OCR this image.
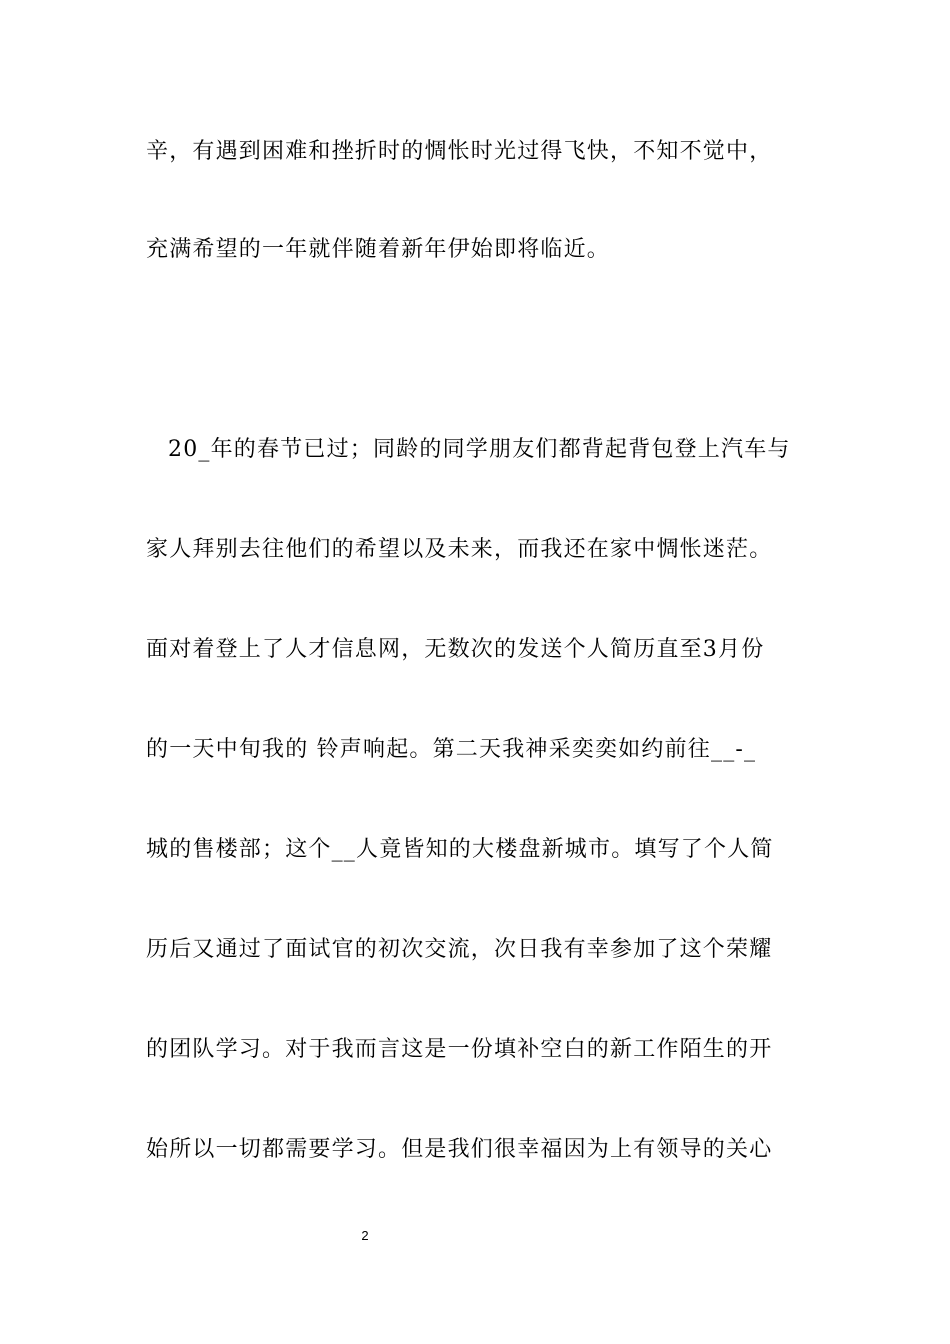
辛，有遇到困难和挫折时的惆怅时光过得飞快，不知不觉中，
充满希望的一年就伴随着新年伊始即将临近。
20_年的春节已过；同龄的同学朋友们都背起背包登上汽车与
家人拜别去往他们的希望以及未来，而我还在家中惆怅迷茫。
面对着登上了人才信息网，无数次的发送个人简历直至3月份
的一天中旬我的 铃声响起。第二天我神采奕奕如约前往__-_
城的售楼部；这个__人竟皆知的大楼盘新城市。填写了个人简
历后又通过了面试官的初次交流，次日我有幸参加了这个荣耀
的团队学习。对于我而言这是一份填补空白的新工作陌生的开
始所以一切都需要学习。但是我们很幸福因为上有领导的关心
2
